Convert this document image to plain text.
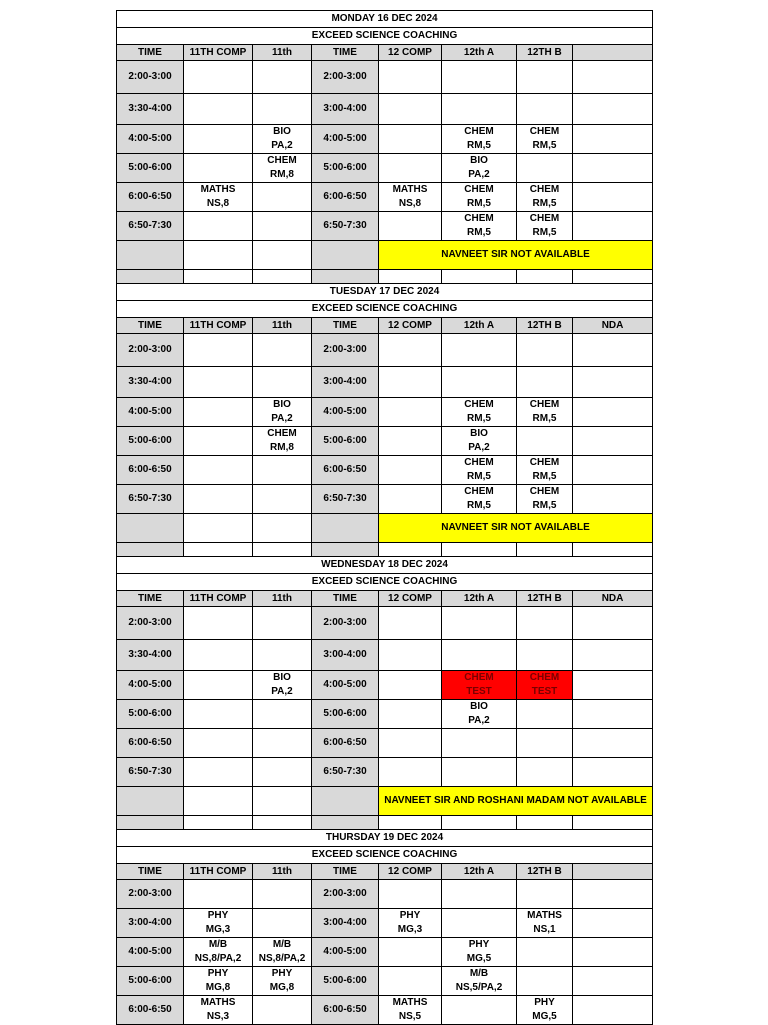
MONDAY 16 DEC 2024							
EXCEED SCIENCE COACHING							
TIME	11TH COMP	11th	TIME	12 COMP	12th A	12TH B	
2:00-3:00			2:00-3:00				

3:30-4:00			3:00-4:00				

4:00-5:00		BIO	4:00-5:00		CHEM	CHEM	
		PA,2			RM,5	RM,5	
5:00-6:00		CHEM	5:00-6:00		BIO		
		RM,8			PA,2		
6:00-6:50	MATHS		6:00-6:50	MATHS	CHEM	CHEM	
	NS,8			NS,8	RM,5	RM,5	
6:50-7:30			6:50-7:30		CHEM	CHEM	
					RM,5	RM,5	
				NAVNEET SIR NOT AVAILABLE			

TUESDAY 17 DEC 2024							
EXCEED SCIENCE COACHING							
TIME	11TH COMP	11th	TIME	12 COMP	12th A	12TH B	NDA
2:00-3:00			2:00-3:00				

3:30-4:00			3:00-4:00				

4:00-5:00		BIO	4:00-5:00		CHEM	CHEM	
		PA,2			RM,5	RM,5	
5:00-6:00		CHEM	5:00-6:00		BIO		
		RM,8			PA,2		
6:00-6:50			6:00-6:50		CHEM	CHEM	
					RM,5	RM,5	
6:50-7:30			6:50-7:30		CHEM	CHEM	
					RM,5	RM,5	
				NAVNEET SIR NOT AVAILABLE			

WEDNESDAY 18 DEC 2024							
EXCEED SCIENCE COACHING							
TIME	11TH COMP	11th	TIME	12 COMP	12th A	12TH B	NDA
2:00-3:00			2:00-3:00				

3:30-4:00			3:00-4:00				

4:00-5:00		BIO	4:00-5:00		CHEM	CHEM	
		PA,2			TEST	TEST	
5:00-6:00			5:00-6:00		BIO		
					PA,2		
6:00-6:50			6:00-6:50				

6:50-7:30			6:50-7:30				

				NAVNEET SIR AND ROSHANI MADAM NOT AVAILABLE			

THURSDAY 19 DEC 2024							
EXCEED SCIENCE COACHING							
TIME	11TH COMP	11th	TIME	12 COMP	12th A	12TH B	
2:00-3:00			2:00-3:00				

3:00-4:00	PHY		3:00-4:00	PHY		MATHS	
	MG,3			MG,3		NS,1	
4:00-5:00	M/B	M/B	4:00-5:00		PHY		
	NS,8/PA,2	NS,8/PA,2			MG,5		
5:00-6:00	PHY	PHY	5:00-6:00		M/B		
	MG,8	MG,8			NS,5/PA,2		
6:00-6:50	MATHS		6:00-6:50	MATHS		PHY	
	NS,3			NS,5		MG,5	
